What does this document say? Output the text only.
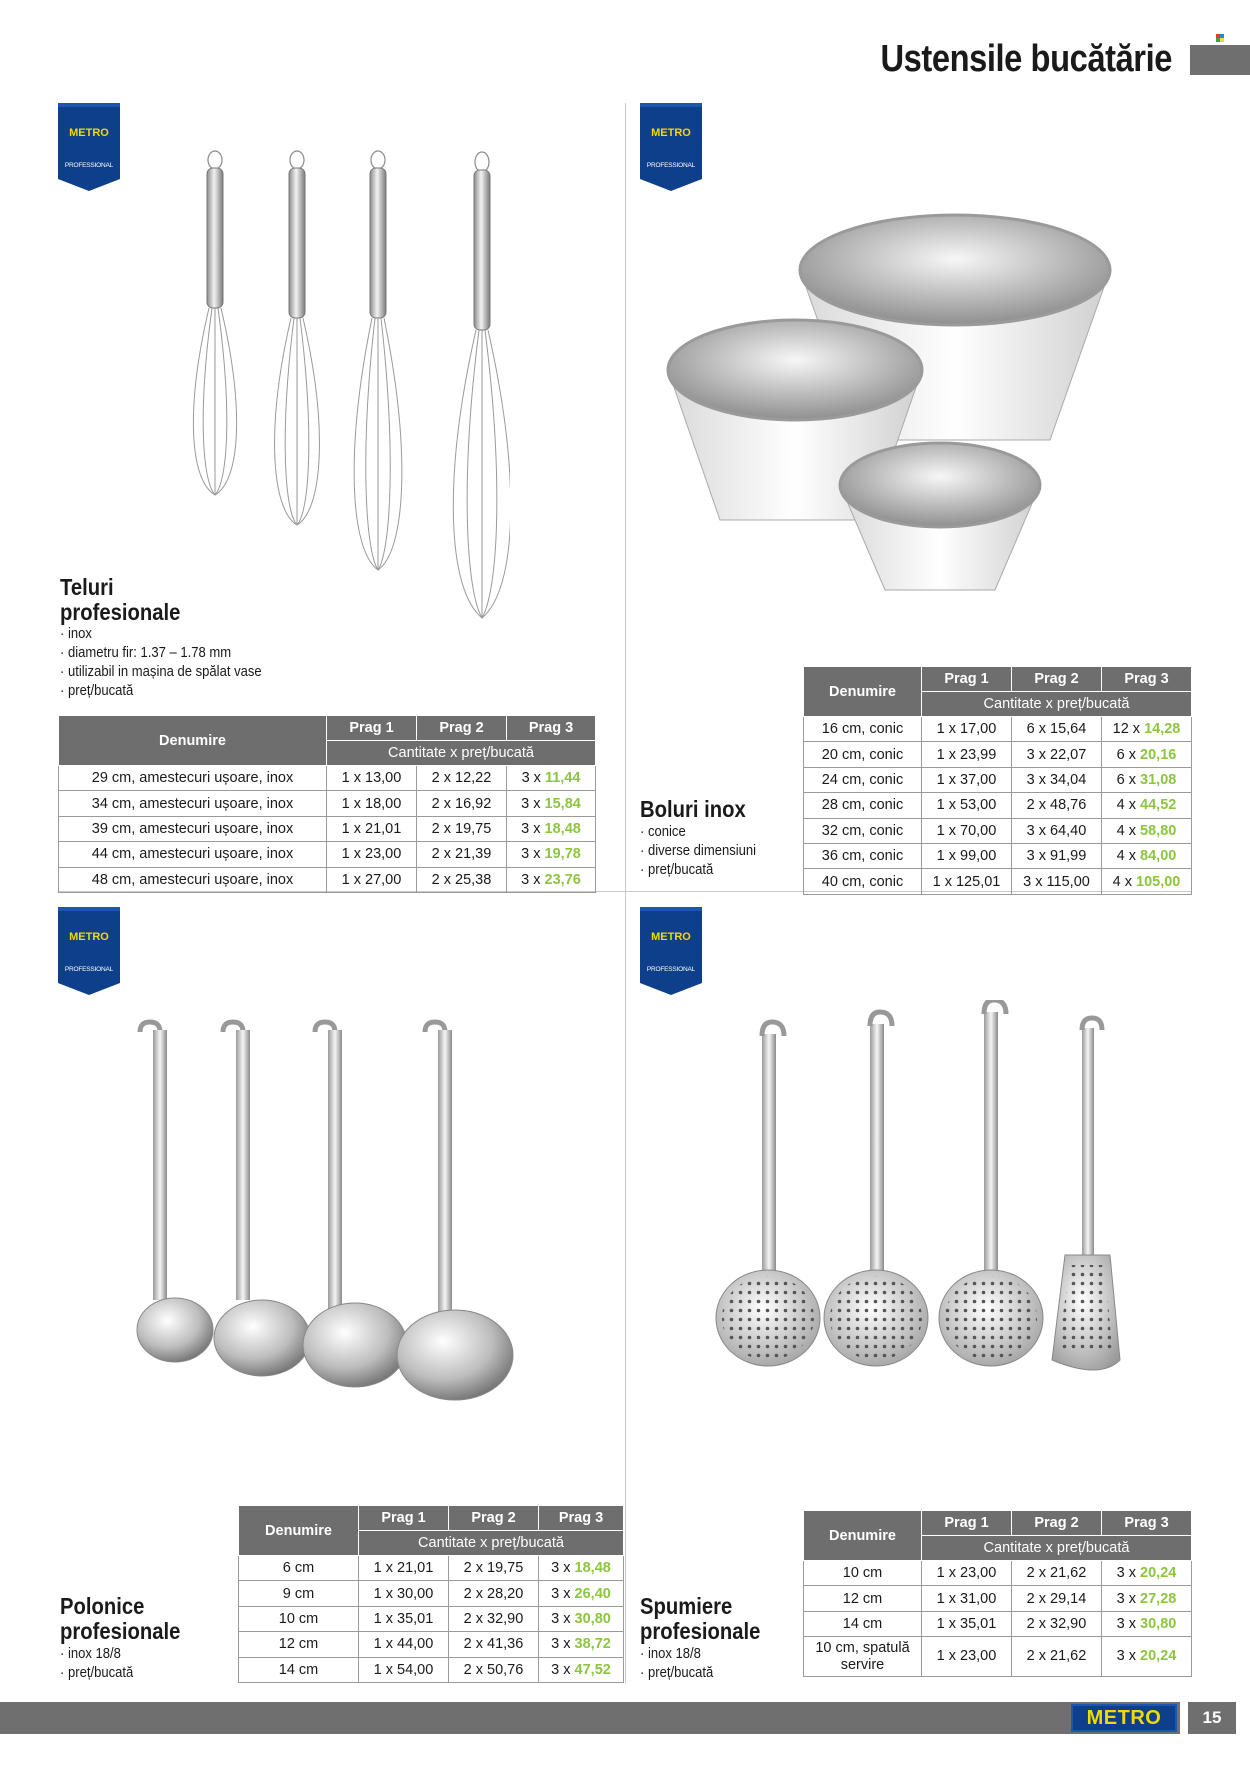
Ustensile bucătărie
METRO
PROFESSIONAL
METRO
PROFESSIONAL
METRO
PROFESSIONAL
METRO
PROFESSIONAL
Teluri
profesionale
· inox
· diametru fir: 1.37 – 1.78 mm
· utilizabil in mașina de spălat vase
· preț/bucată
Denumire	Prag 1	Prag 2	Prag 3
	Cantitate x preț/bucată		
29 cm, amestecuri ușoare, inox	1 x 13,00	2 x 12,22	3 x 11,44
34 cm, amestecuri ușoare, inox	1 x 18,00	2 x 16,92	3 x 15,84
39 cm, amestecuri ușoare, inox	1 x 21,01	2 x 19,75	3 x 18,48
44 cm, amestecuri ușoare, inox	1 x 23,00	2 x 21,39	3 x 19,78
48 cm, amestecuri ușoare, inox	1 x 27,00	2 x 25,38	3 x 23,76
Boluri inox
· conice
· diverse dimensiuni
· preț/bucată
Denumire	Prag 1	Prag 2	Prag 3
	Cantitate x preț/bucată		
16 cm, conic	1 x 17,00	6 x 15,64	12 x 14,28
20 cm, conic	1 x 23,99	3 x 22,07	6 x 20,16
24 cm, conic	1 x 37,00	3 x 34,04	6 x 31,08
28 cm, conic	1 x 53,00	2 x 48,76	4 x 44,52
32 cm, conic	1 x 70,00	3 x 64,40	4 x 58,80
36 cm, conic	1 x 99,00	3 x 91,99	4 x 84,00
40 cm, conic	1 x 125,01	3 x 115,00	4 x 105,00
Polonice
profesionale
· inox 18/8
· preț/bucată
Denumire	Prag 1	Prag 2	Prag 3
	Cantitate x preț/bucată		
6 cm	1 x 21,01	2 x 19,75	3 x 18,48
9 cm	1 x 30,00	2 x 28,20	3 x 26,40
10 cm	1 x 35,01	2 x 32,90	3 x 30,80
12 cm	1 x 44,00	2 x 41,36	3 x 38,72
14 cm	1 x 54,00	2 x 50,76	3 x 47,52
Spumiere
profesionale
· inox 18/8
· preț/bucată
Denumire	Prag 1	Prag 2	Prag 3
	Cantitate x preț/bucată		
10 cm	1 x 23,00	2 x 21,62	3 x 20,24
12 cm	1 x 31,00	2 x 29,14	3 x 27,28
14 cm	1 x 35,01	2 x 32,90	3 x 30,80
10 cm, spatulă servire	1 x 23,00	2 x 21,62	3 x 20,24
METRO	15
